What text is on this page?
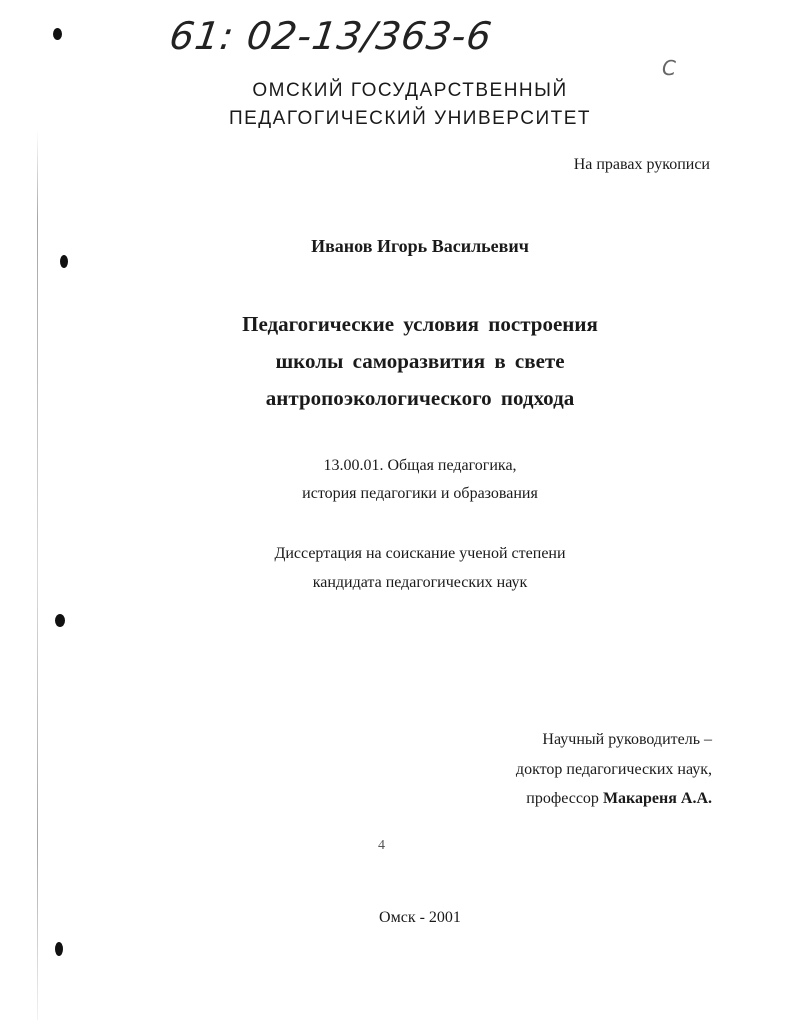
61: 02-13/363-6
С
ОМСКИЙ ГОСУДАРСТВЕННЫЙ
ПЕДАГОГИЧЕСКИЙ УНИВЕРСИТЕТ
На правах рукописи
Иванов Игорь Васильевич
Педагогические условия построения
школы саморазвития в свете
антропоэкологического подхода
13.00.01. Общая педагогика,
история педагогики и образования
Диссертация на соискание ученой степени
кандидата педагогических наук
Научный руководитель –
доктор педагогических наук,
профессор Макареня А.А.
4
Омск - 2001
